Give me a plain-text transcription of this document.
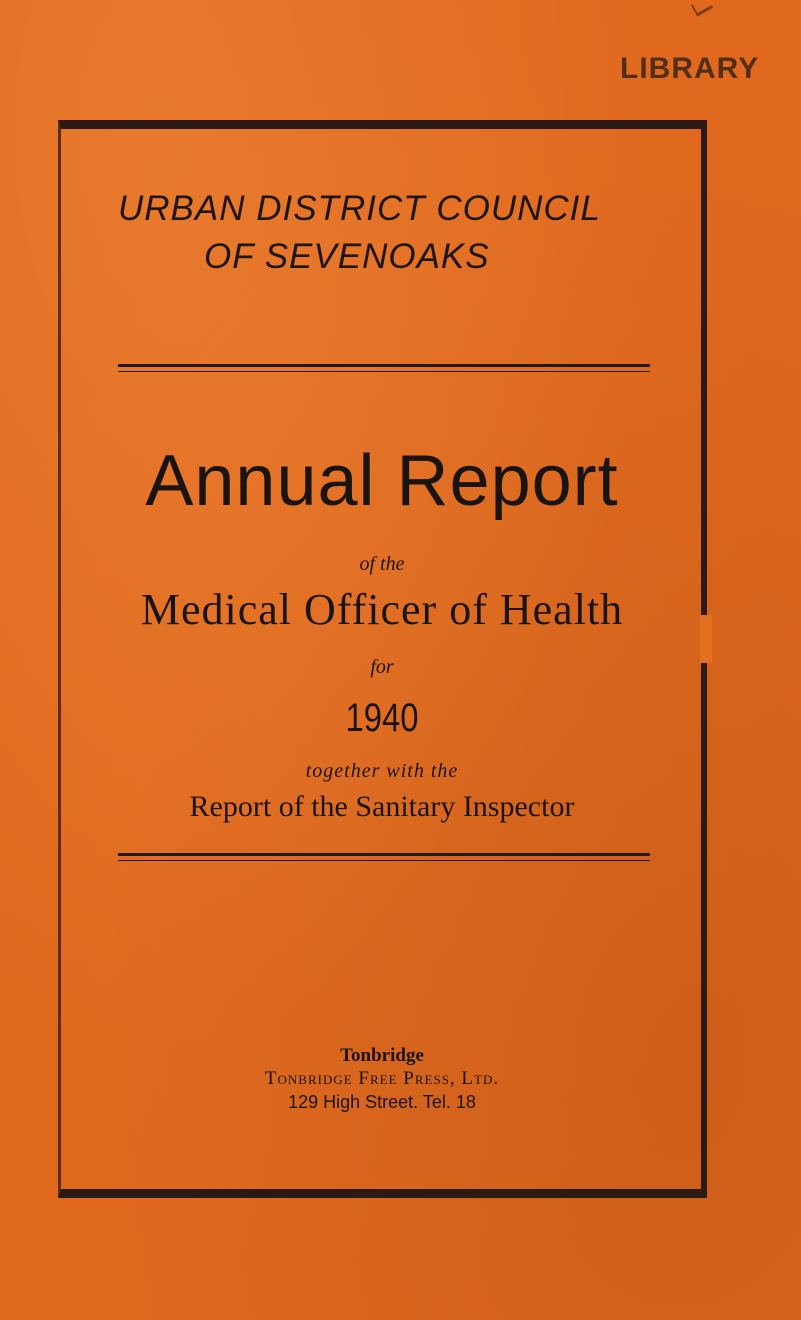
LIBRARY
URBAN DISTRICT COUNCIL
OF SEVENOAKS
Annual Report
of the
Medical Officer of Health
for
1940
together with the
Report of the Sanitary Inspector
Tonbridge
Tonbridge Free Press, Ltd.
129 High Street. Tel. 18
